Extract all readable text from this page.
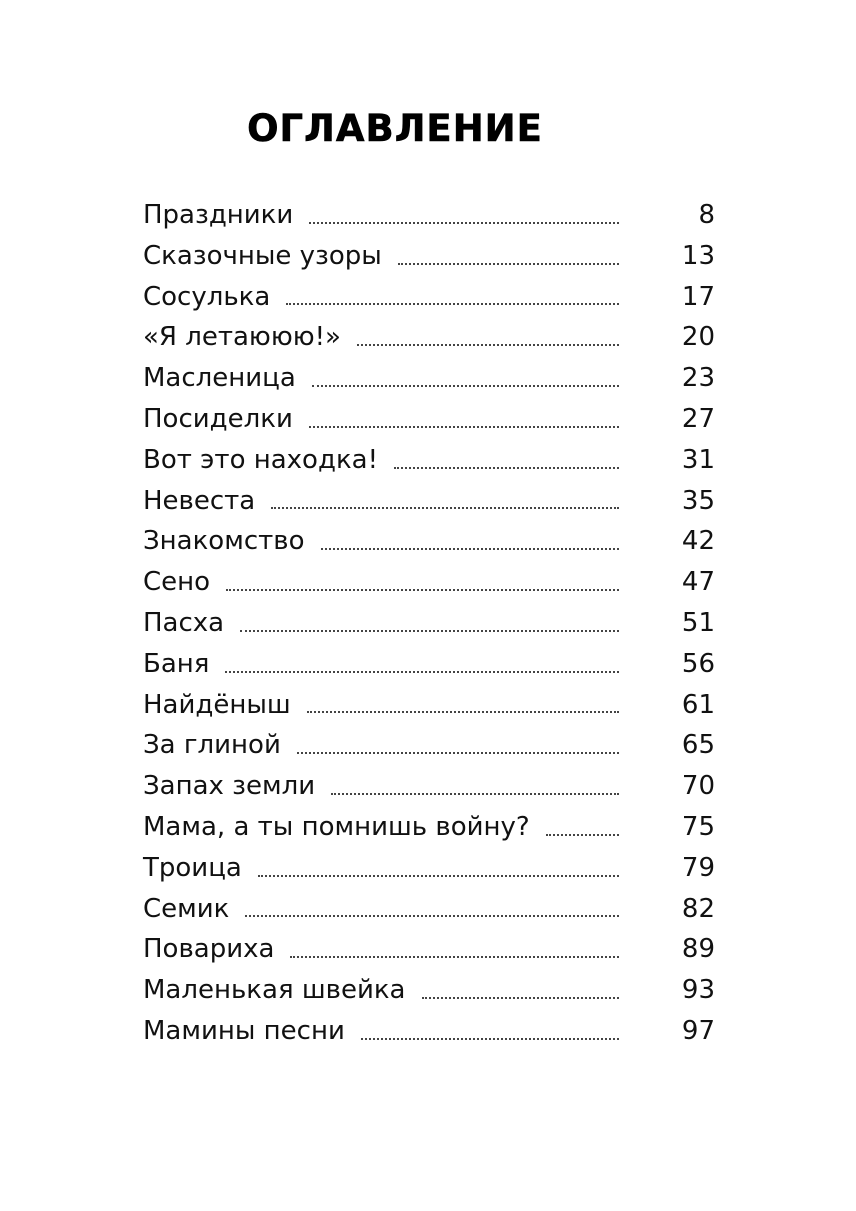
ОГЛАВЛЕНИЕ
Праздники	8
Сказочные узоры	13
Сосулька	17
«Я летаююю!»	20
Масленица	23
Посиделки	27
Вот это находка!	31
Невеста	35
Знакомство	42
Сено	47
Пасха	51
Баня	56
Найдёныш	61
За глиной	65
Запах земли	70
Мама, а ты помнишь войну?	75
Троица	79
Семик	82
Повариха	89
Маленькая швейка	93
Мамины песни	97
